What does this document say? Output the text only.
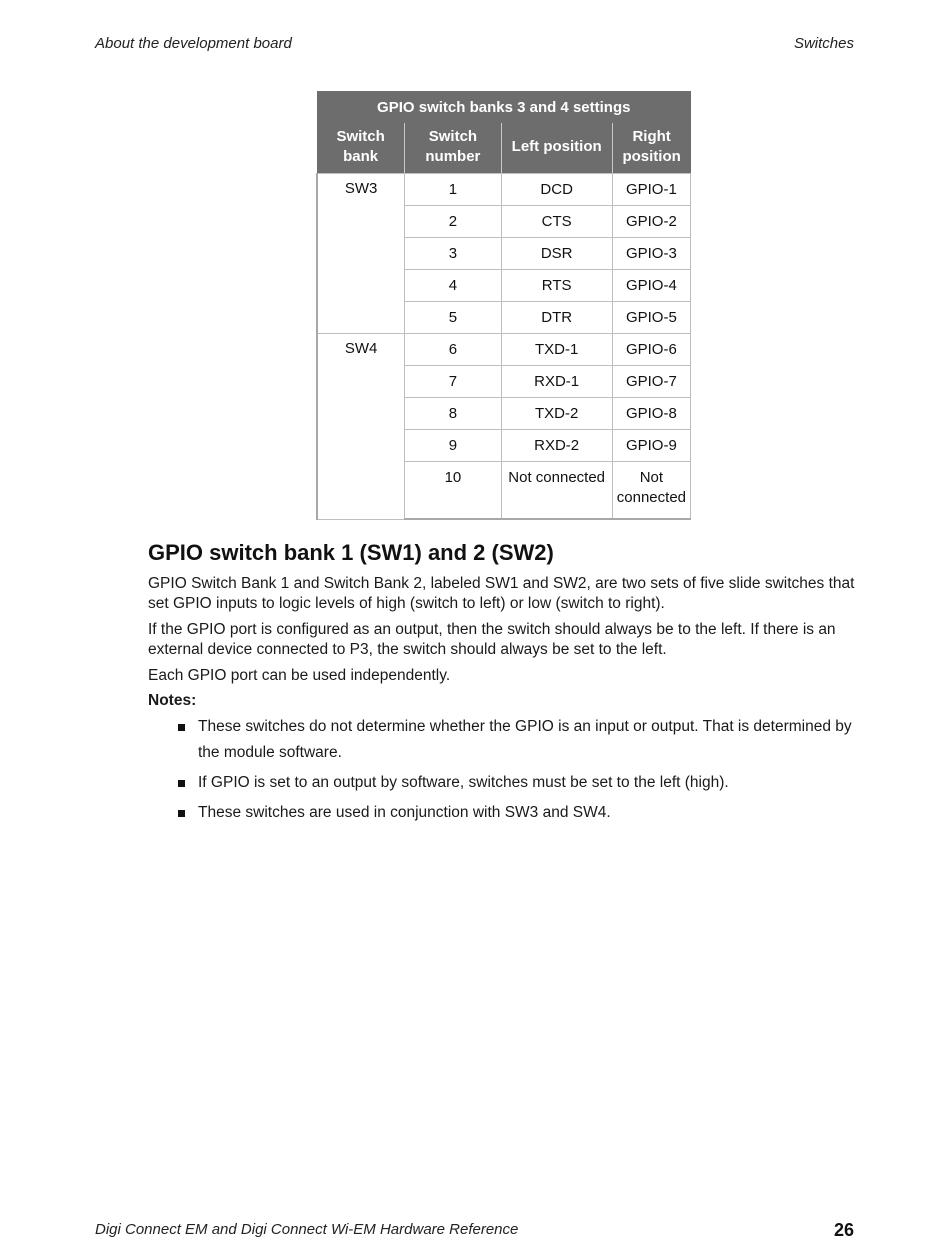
About the development board	Switches
GPIO switch banks 3 and 4 settings			
Switch bank	Switch number	Left position	Right position
SW3	1	DCD	GPIO-1
	2	CTS	GPIO-2
	3	DSR	GPIO-3
	4	RTS	GPIO-4
	5	DTR	GPIO-5
SW4	6	TXD-1	GPIO-6
	7	RXD-1	GPIO-7
	8	TXD-2	GPIO-8
	9	RXD-2	GPIO-9
	10	Not connected	Not connected
GPIO switch bank 1 (SW1) and 2 (SW2)

GPIO Switch Bank 1 and Switch Bank 2, labeled SW1 and SW2, are two sets of five slide switches that set GPIO inputs to logic levels of high (switch to left) or low (switch to right).

If the GPIO port is configured as an output, then the switch should always be to the left. If there is an external device connected to P3, the switch should always be set to the left.

Each GPIO port can be used independently.

Notes:
These switches do not determine whether the GPIO is an input or output. That is determined by the module software.
If GPIO is set to an output by software, switches must be set to the left (high).
These switches are used in conjunction with SW3 and SW4.
Digi Connect EM and Digi Connect Wi-EM Hardware Reference	26
